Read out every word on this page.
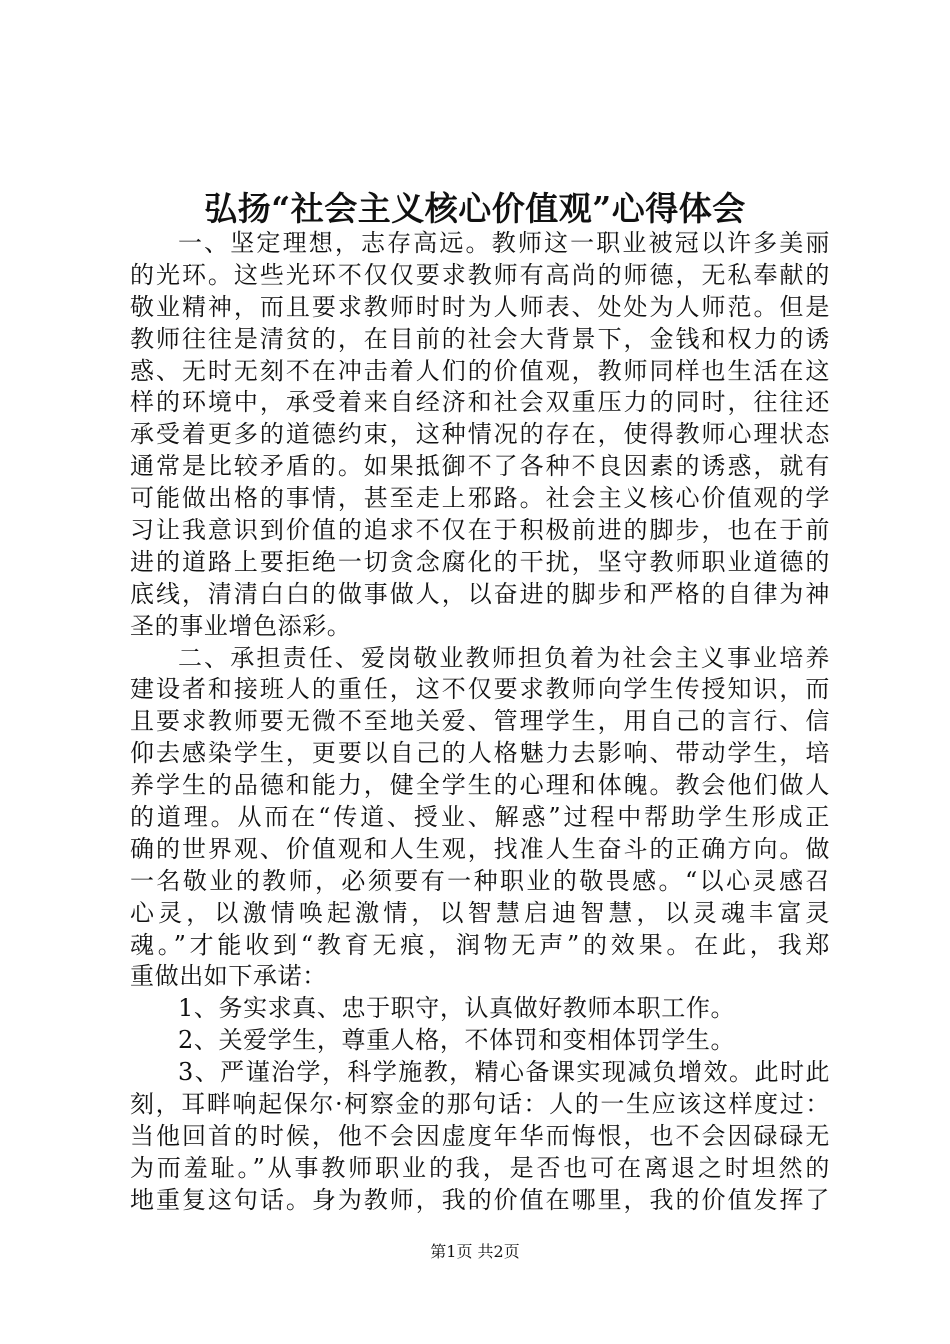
弘扬“社会主义核心价值观”心得体会
一、坚定理想，志存高远。教师这一职业被冠以许多美丽
的光环。这些光环不仅仅要求教师有高尚的师德，无私奉献的
敬业精神，而且要求教师时时为人师表、处处为人师范。但是
教师往往是清贫的，在目前的社会大背景下，金钱和权力的诱
惑、无时无刻不在冲击着人们的价值观，教师同样也生活在这
样的环境中，承受着来自经济和社会双重压力的同时，往往还
承受着更多的道德约束，这种情况的存在，使得教师心理状态
通常是比较矛盾的。如果抵御不了各种不良因素的诱惑，就有
可能做出格的事情，甚至走上邪路。社会主义核心价值观的学
习让我意识到价值的追求不仅在于积极前进的脚步，也在于前
进的道路上要拒绝一切贪念腐化的干扰，坚守教师职业道德的
底线，清清白白的做事做人，以奋进的脚步和严格的自律为神
圣的事业增色添彩。
二、承担责任、爱岗敬业教师担负着为社会主义事业培养
建设者和接班人的重任，这不仅要求教师向学生传授知识，而
且要求教师要无微不至地关爱、管理学生，用自己的言行、信
仰去感染学生，更要以自己的人格魅力去影响、带动学生，培
养学生的品德和能力，健全学生的心理和体魄。教会他们做人
的道理。从而在“传道、授业、解惑”过程中帮助学生形成正
确的世界观、价值观和人生观，找准人生奋斗的正确方向。做
一名敬业的教师，必须要有一种职业的敬畏感。“以心灵感召
心灵，以激情唤起激情，以智慧启迪智慧，以灵魂丰富灵
魂。”才能收到“教育无痕，润物无声”的效果。在此，我郑
重做出如下承诺：
1、务实求真、忠于职守，认真做好教师本职工作。
2、关爱学生，尊重人格，不体罚和变相体罚学生。
3、严谨治学，科学施教，精心备课实现减负增效。此时此
刻，耳畔响起保尔·柯察金的那句话：人的一生应该这样度过：
当他回首的时候，他不会因虚度年华而悔恨，也不会因碌碌无
为而羞耻。”从事教师职业的我，是否也可在离退之时坦然的
地重复这句话。身为教师，我的价值在哪里，我的价值发挥了
第1页 共2页
